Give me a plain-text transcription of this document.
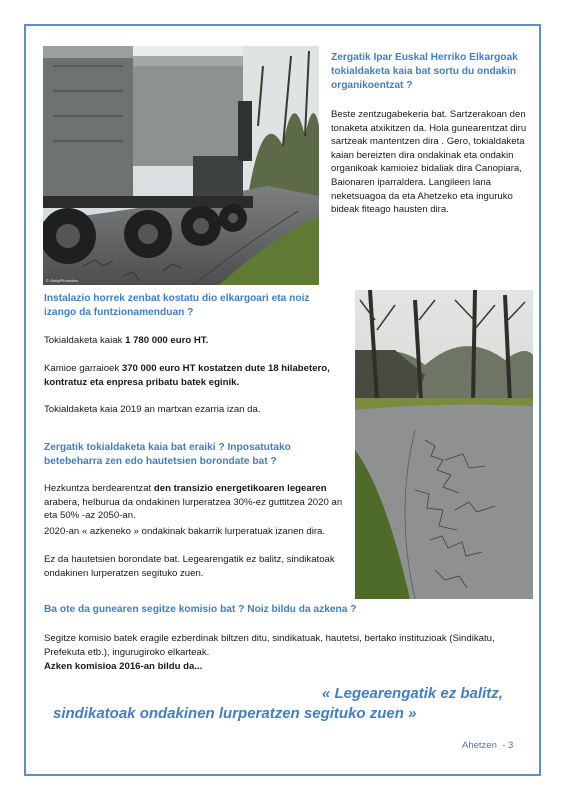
© Getty/Photodisc
Zergatik Ipar Euskal Herriko Elkargoak tokialdaketa kaia bat sortu du ondakin organikoentzat ?
Beste zentzugabekeria bat. Sartzerakoan den tonaketa atxikitzen da. Hola gunearentzat diru sartzeak mantentzen dira . Gero, tokialdaketa kaian bereizten dira ondakinak eta ondakin organikoak kamioiez bidaliak dira Canopiara, Baionaren iparraldera. Langileen lana neketsuagoa da eta Ahetzeko eta inguruko bideak fiteago hausten dira.
Instalazio horrek zenbat kostatu dio elkargoari eta noiz izango da funtzionamenduan ?
Tokialdaketa kaiak 1 780 000 euro HT.
Kamioe garraioek 370 000 euro HT kostatzen dute 18 hilabetero, kontratuz eta enpresa pribatu batek eginik.
Tokialdaketa kaia 2019 an martxan ezarria izan da.
Zergatik tokialdaketa kaia bat eraiki ? Inposatutako betebeharra zen edo hautetsien borondate bat ?
Hezkuntza berdearentzat den transizio energetikoaren legearen arabera, helburua da ondakinen lurperatzea 30%-ez guttitzea 2020 an eta 50% -az 2050-an.
2020-an « azkeneko » ondakinak bakarrik lurperatuak izanen dira.
Ez da hautetsien borondate bat. Legearengatik ez balitz, sindikatoak ondakinen lurperatzen segituko zuen.
Ba ote da gunearen segitze komisio bat ? Noiz bildu da azkena ?
Segitze komisio batek eragile ezberdinak biltzen ditu, sindikatuak, hautetsi, bertako instituzioak (Sindikatu, Prefekuta etb.), ingurugiroko elkarteak.
Azken komisioa 2016-an bildu da...
« Legearengatik ez balitz,
sindikatoak ondakinen lurperatzen segituko zuen »
Ahetzen  - 3
